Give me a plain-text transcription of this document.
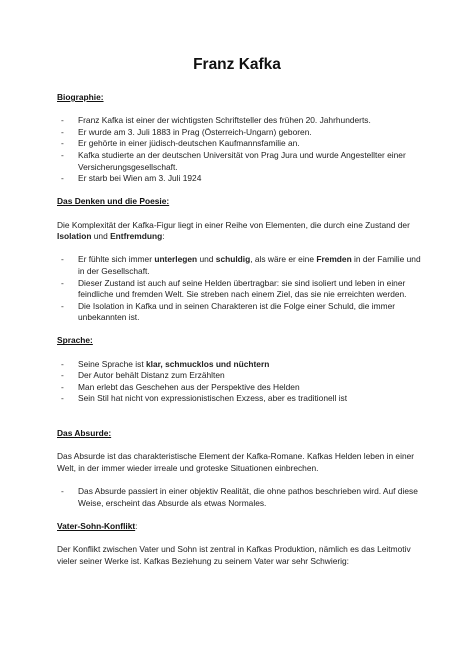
Franz Kafka
Biographie:
- Franz Kafka ist einer der wichtigsten Schriftsteller des frühen 20. Jahrhunderts.
- Er wurde am 3. Juli 1883 in Prag (Österreich-Ungarn) geboren.
- Er gehörte in einer jüdisch-deutschen Kaufmannsfamilie an.
- Kafka studierte an der deutschen Universität von Prag Jura und wurde Angestellter einer Versicherungsgesellschaft.
- Er starb bei Wien am 3. Juli 1924
Das Denken und die Poesie:
Die Komplexität der Kafka-Figur liegt in einer Reihe von Elementen, die durch eine Zustand der Isolation und Entfremdung:
- Er fühlte sich immer unterlegen und schuldig, als wäre er eine Fremden in der Familie und in der Gesellschaft.
- Dieser Zustand ist auch auf seine Helden übertragbar: sie sind isoliert und leben in einer feindliche und fremden Welt. Sie streben nach einem Ziel, das sie nie erreichten werden.
- Die Isolation in Kafka und in seinen Charakteren ist die Folge einer Schuld, die immer unbekannten ist.
Sprache:
- Seine Sprache ist klar, schmucklos und nüchtern
- Der Autor behält Distanz zum Erzählten
- Man erlebt das Geschehen aus der Perspektive des Helden
- Sein Stil hat nicht von expressionistischen Exzess, aber es traditionell ist
Das Absurde:
Das Absurde ist das charakteristische Element der Kafka-Romane. Kafkas Helden leben in einer Welt, in der immer wieder irreale und groteske Situationen einbrechen.
- Das Absurde passiert in einer objektiv Realität, die ohne pathos beschrieben wird. Auf diese Weise, erscheint das Absurde als etwas Normales.
Vater-Sohn-Konflikt:
Der Konflikt zwischen Vater und Sohn ist zentral in Kafkas Produktion, nämlich es das Leitmotiv vieler seiner Werke ist. Kafkas Beziehung zu seinem Vater war sehr Schwierig:
